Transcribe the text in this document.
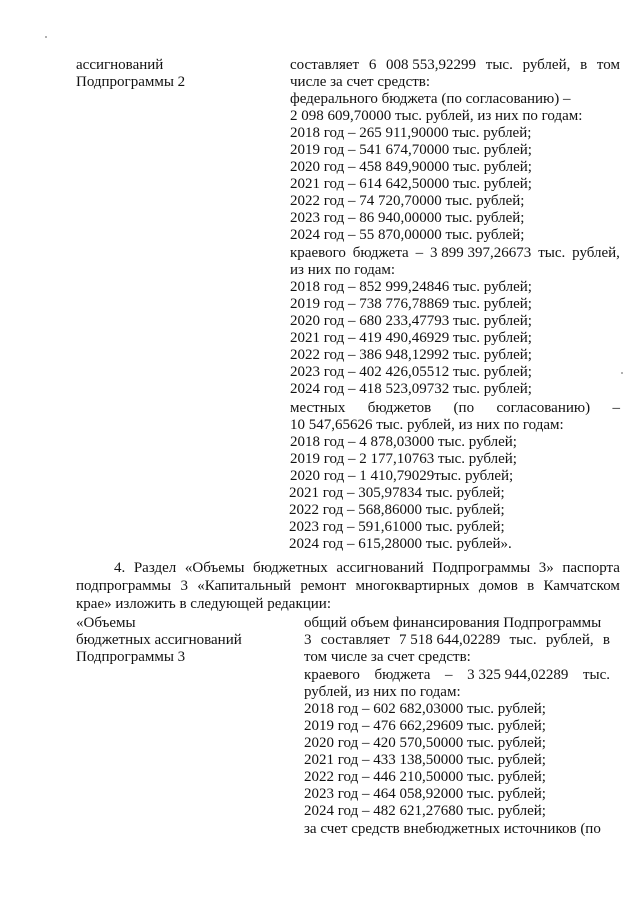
ассигнований
Подпрограммы 2
составляет 6 008 553,92299 тыс. рублей, в том
числе за счет средств:
федерального бюджета (по согласованию) –
2 098 609,70000 тыс. рублей, из них по годам:
2018 год – 265 911,90000 тыс. рублей;
2019 год – 541 674,70000 тыс. рублей;
2020 год – 458 849,90000 тыс. рублей;
2021 год – 614 642,50000 тыс. рублей;
2022 год – 74 720,70000 тыс. рублей;
2023 год – 86 940,00000 тыс. рублей;
2024 год – 55 870,00000 тыс. рублей;
краевого бюджета – 3 899 397,26673 тыс. рублей,
из них по годам:
2018 год – 852 999,24846 тыс. рублей;
2019 год – 738 776,78869 тыс. рублей;
2020 год – 680 233,47793 тыс. рублей;
2021 год – 419 490,46929 тыс. рублей;
2022 год – 386 948,12992 тыс. рублей;
2023 год – 402 426,05512 тыс. рублей;
2024 год – 418 523,09732 тыс. рублей;
местных бюджетов (по согласованию) –
10 547,65626 тыс. рублей, из них по годам:
2018 год – 4 878,03000 тыс. рублей;
2019 год – 2 177,10763 тыс. рублей;
2020 год – 1 410,79029тыс. рублей;
2021 год – 305,97834 тыс. рублей;
2022 год – 568,86000 тыс. рублей;
2023 год – 591,61000 тыс. рублей;
2024 год – 615,28000 тыс. рублей».
4. Раздел «Объемы бюджетных ассигнований Подпрограммы 3» паспорта
подпрограммы 3 «Капитальный ремонт многоквартирных домов в Камчатском
крае» изложить в следующей редакции:
«Объемы
бюджетных ассигнований
Подпрограммы 3
общий объем финансирования Подпрограммы
3 составляет 7 518 644,02289 тыс. рублей, в
том числе за счет средств:
краевого бюджета – 3 325 944,02289 тыс.
рублей, из них по годам:
2018 год – 602 682,03000 тыс. рублей;
2019 год – 476 662,29609 тыс. рублей;
2020 год – 420 570,50000 тыс. рублей;
2021 год – 433 138,50000 тыс. рублей;
2022 год – 446 210,50000 тыс. рублей;
2023 год – 464 058,92000 тыс. рублей;
2024 год – 482 621,27680 тыс. рублей;
за счет средств внебюджетных источников (по
